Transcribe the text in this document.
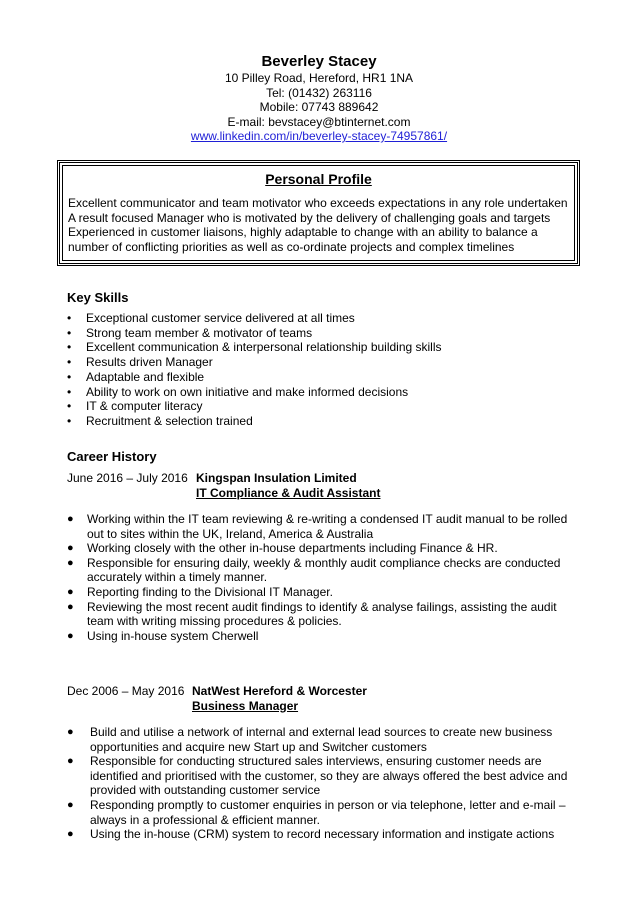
Beverley Stacey
10 Pilley Road, Hereford, HR1 1NA
Tel: (01432) 263116
Mobile: 07743 889642
E-mail: bevstacey@btinternet.com
www.linkedin.com/in/beverley-stacey-74957861/
Personal Profile
Excellent communicator and team motivator who exceeds expectations in any role undertaken
A result focused Manager who is motivated by the delivery of challenging goals and targets
Experienced in customer liaisons, highly adaptable to change with an ability to balance a
number of conflicting priorities as well as co-ordinate projects and complex timelines
Key Skills
•	Exceptional customer service delivered at all times
•	Strong team member & motivator of teams
•	Excellent communication & interpersonal relationship building skills
•	Results driven Manager
•	Adaptable and flexible
•	Ability to work on own initiative and make informed decisions
•	IT & computer literacy
•	Recruitment & selection trained
Career History
June 2016 – July 2016 Kingspan Insulation Limited
IT Compliance & Audit Assistant
●	Working within the IT team reviewing & re-writing a condensed IT audit manual to be rolled
out to sites within the UK, Ireland, America & Australia
●	Working closely with the other in-house departments including Finance & HR.
●	Responsible for ensuring daily, weekly & monthly audit compliance checks are conducted
accurately within a timely manner.
●	Reporting finding to the Divisional IT Manager.
●	Reviewing the most recent audit findings to identify & analyse failings, assisting the audit
team with writing missing procedures & policies.
●	Using in-house system Cherwell
Dec 2006 – May 2016 NatWest Hereford & Worcester
Business Manager
●	Build and utilise a network of internal and external lead sources to create new business
opportunities and acquire new Start up and Switcher customers
●	Responsible for conducting structured sales interviews, ensuring customer needs are
identified and prioritised with the customer, so they are always offered the best advice and
provided with outstanding customer service
●	Responding promptly to customer enquiries in person or via telephone, letter and e-mail –
always in a professional & efficient manner.
●	Using the in-house (CRM) system to record necessary information and instigate actions
